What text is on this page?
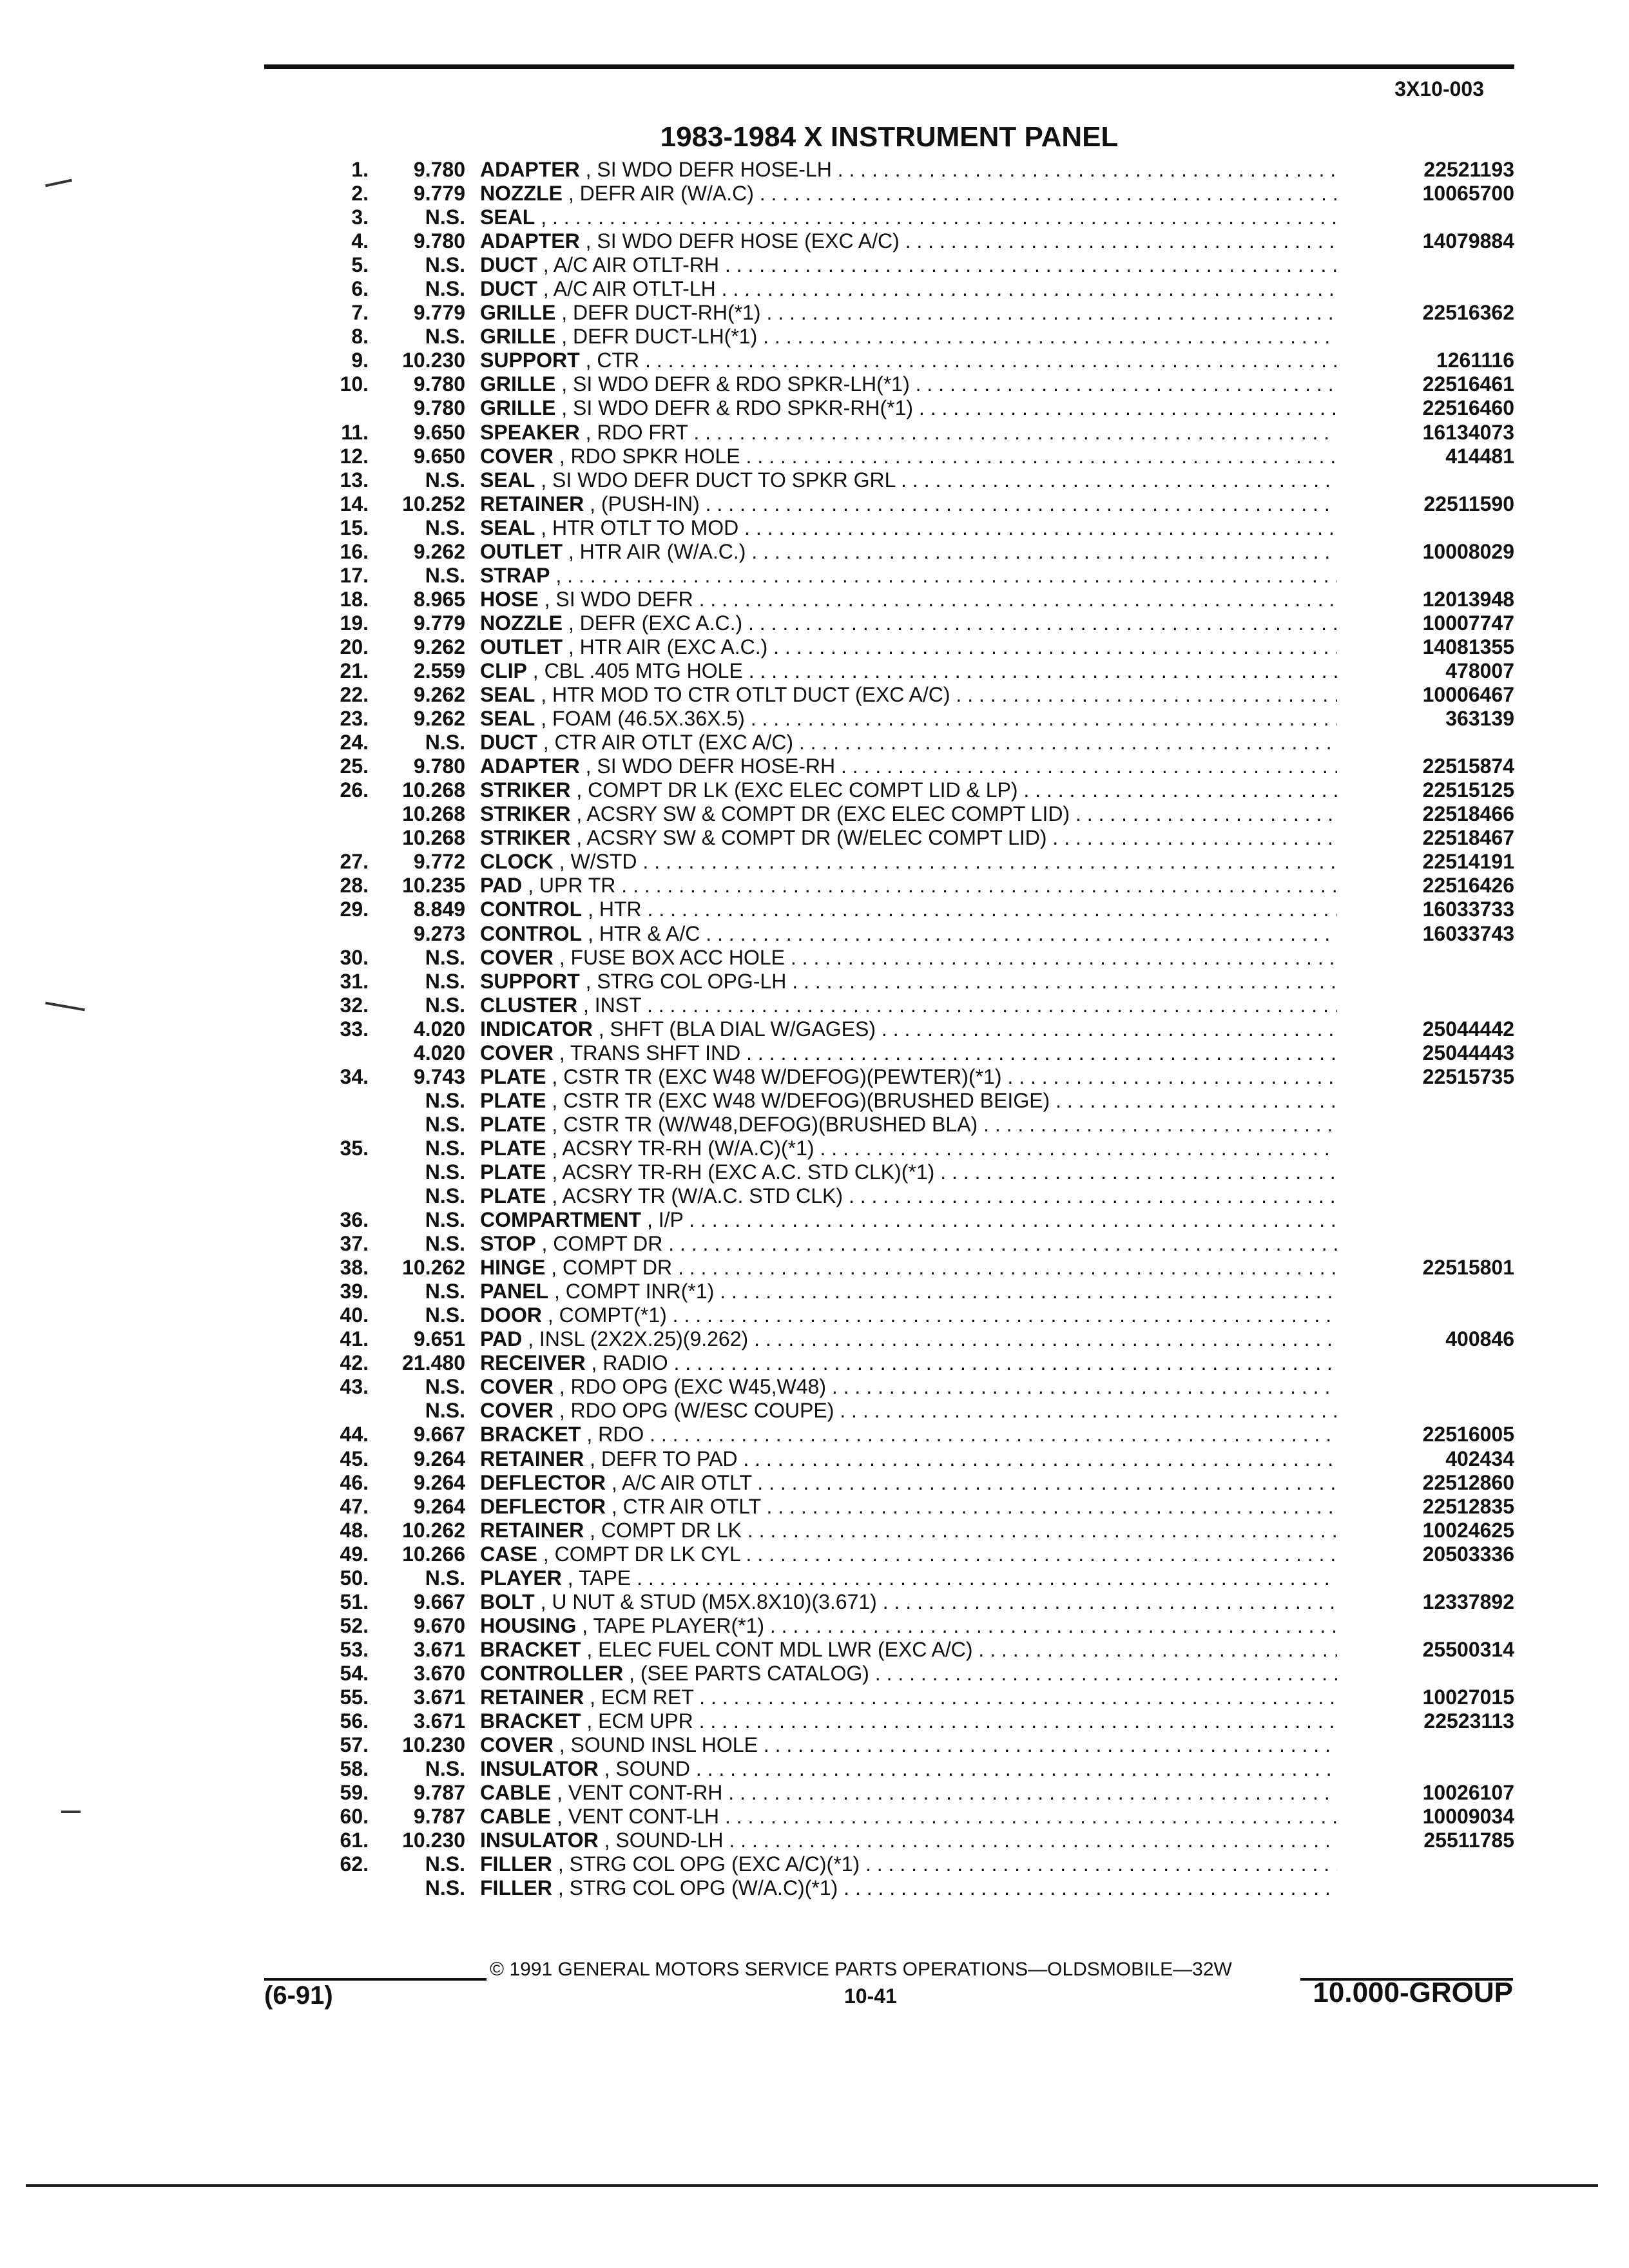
3X10-003
1983-1984 X INSTRUMENT PANEL
1.	9.780 ADAPTER , SI WDO DEFR HOSE-LH . . .	22521193
2.	9.779 NOZZLE , DEFR AIR (W/A.C) . . .	10065700
3.	N.S. SEAL , . . .
4.	9.780 ADAPTER , SI WDO DEFR HOSE (EXC A/C) . . .	14079884
5.	N.S. DUCT , A/C AIR OTLT-RH . . .
6.	N.S. DUCT , A/C AIR OTLT-LH . . .
7.	9.779 GRILLE , DEFR DUCT-RH(*1) . . .	22516362
8.	N.S. GRILLE , DEFR DUCT-LH(*1) . . .
9.	10.230 SUPPORT , CTR . . .	1261116
10.	9.780 GRILLE , SI WDO DEFR & RDO SPKR-LH(*1) . . .	22516461
9.780 GRILLE , SI WDO DEFR & RDO SPKR-RH(*1) . . .	22516460
11.	9.650 SPEAKER , RDO FRT . . .	16134073
12.	9.650 COVER , RDO SPKR HOLE . . .	414481
13.	N.S. SEAL , SI WDO DEFR DUCT TO SPKR GRL . . .
14.	10.252 RETAINER , (PUSH-IN) . . .	22511590
15.	N.S. SEAL , HTR OTLT TO MOD . . .
16.	9.262 OUTLET , HTR AIR (W/A.C.) . . .	10008029
17.	N.S. STRAP , . . .
18.	8.965 HOSE , SI WDO DEFR . . .	12013948
19.	9.779 NOZZLE , DEFR (EXC A.C.) . . .	10007747
20.	9.262 OUTLET , HTR AIR (EXC A.C.) . . .	14081355
21.	2.559 CLIP , CBL .405 MTG HOLE . . .	478007
22.	9.262 SEAL , HTR MOD TO CTR OTLT DUCT (EXC A/C) . . .	10006467
23.	9.262 SEAL , FOAM (46.5X.36X.5) . . .	363139
24.	N.S. DUCT , CTR AIR OTLT (EXC A/C) . . .
25.	9.780 ADAPTER , SI WDO DEFR HOSE-RH . . .	22515874
26.	10.268 STRIKER , COMPT DR LK (EXC ELEC COMPT LID & LP) . . .	22515125
10.268 STRIKER , ACSRY SW & COMPT DR (EXC ELEC COMPT LID) . . .	22518466
10.268 STRIKER , ACSRY SW & COMPT DR (W/ELEC COMPT LID) . . .	22518467
27.	9.772 CLOCK , W/STD . . .	22514191
28.	10.235 PAD , UPR TR . . .	22516426
29.	8.849 CONTROL , HTR . . .	16033733
9.273 CONTROL , HTR & A/C . . .	16033743
30.	N.S. COVER , FUSE BOX ACC HOLE . . .
31.	N.S. SUPPORT , STRG COL OPG-LH . . .
32.	N.S. CLUSTER , INST . . .
33.	4.020 INDICATOR , SHFT (BLA DIAL W/GAGES) . . .	25044442
4.020 COVER , TRANS SHFT IND . . .	25044443
34.	9.743 PLATE , CSTR TR (EXC W48 W/DEFOG)(PEWTER)(*1) . . .	22515735
N.S. PLATE , CSTR TR (EXC W48 W/DEFOG)(BRUSHED BEIGE) . . .
N.S. PLATE , CSTR TR (W/W48,DEFOG)(BRUSHED BLA) . . .
35.	N.S. PLATE , ACSRY TR-RH (W/A.C)(*1) . . .
N.S. PLATE , ACSRY TR-RH (EXC A.C. STD CLK)(*1) . . .
N.S. PLATE , ACSRY TR (W/A.C. STD CLK) . . .
36.	N.S. COMPARTMENT , I/P . . .
37.	N.S. STOP , COMPT DR . . .
38.	10.262 HINGE , COMPT DR . . .	22515801
39.	N.S. PANEL , COMPT INR(*1) . . .
40.	N.S. DOOR , COMPT(*1) . . .
41.	9.651 PAD , INSL (2X2X.25)(9.262) . . .	400846
42.	21.480 RECEIVER , RADIO . . .
43.	N.S. COVER , RDO OPG (EXC W45,W48) . . .
N.S. COVER , RDO OPG (W/ESC COUPE) . . .
44.	9.667 BRACKET , RDO . . .	22516005
45.	9.264 RETAINER , DEFR TO PAD . . .	402434
46.	9.264 DEFLECTOR , A/C AIR OTLT . . .	22512860
47.	9.264 DEFLECTOR , CTR AIR OTLT . . .	22512835
48.	10.262 RETAINER , COMPT DR LK . . .	10024625
49.	10.266 CASE , COMPT DR LK CYL . . .	20503336
50.	N.S. PLAYER , TAPE . . .
51.	9.667 BOLT , U NUT & STUD (M5X.8X10)(3.671) . . .	12337892
52.	9.670 HOUSING , TAPE PLAYER(*1) . . .
53.	3.671 BRACKET , ELEC FUEL CONT MDL LWR (EXC A/C) . . .	25500314
54.	3.670 CONTROLLER , (SEE PARTS CATALOG) . . .
55.	3.671 RETAINER , ECM RET . . .	10027015
56.	3.671 BRACKET , ECM UPR . . .	22523113
57.	10.230 COVER , SOUND INSL HOLE . . .
58.	N.S. INSULATOR , SOUND . . .
59.	9.787 CABLE , VENT CONT-RH . . .	10026107
60.	9.787 CABLE , VENT CONT-LH . . .	10009034
61.	10.230 INSULATOR , SOUND-LH . . .	25511785
62.	N.S. FILLER , STRG COL OPG (EXC A/C)(*1) . . .
N.S. FILLER , STRG COL OPG (W/A.C)(*1) . . .
© 1991 GENERAL MOTORS SERVICE PARTS OPERATIONS—OLDSMOBILE—32W
(6-91)	10-41	10.000-GROUP
